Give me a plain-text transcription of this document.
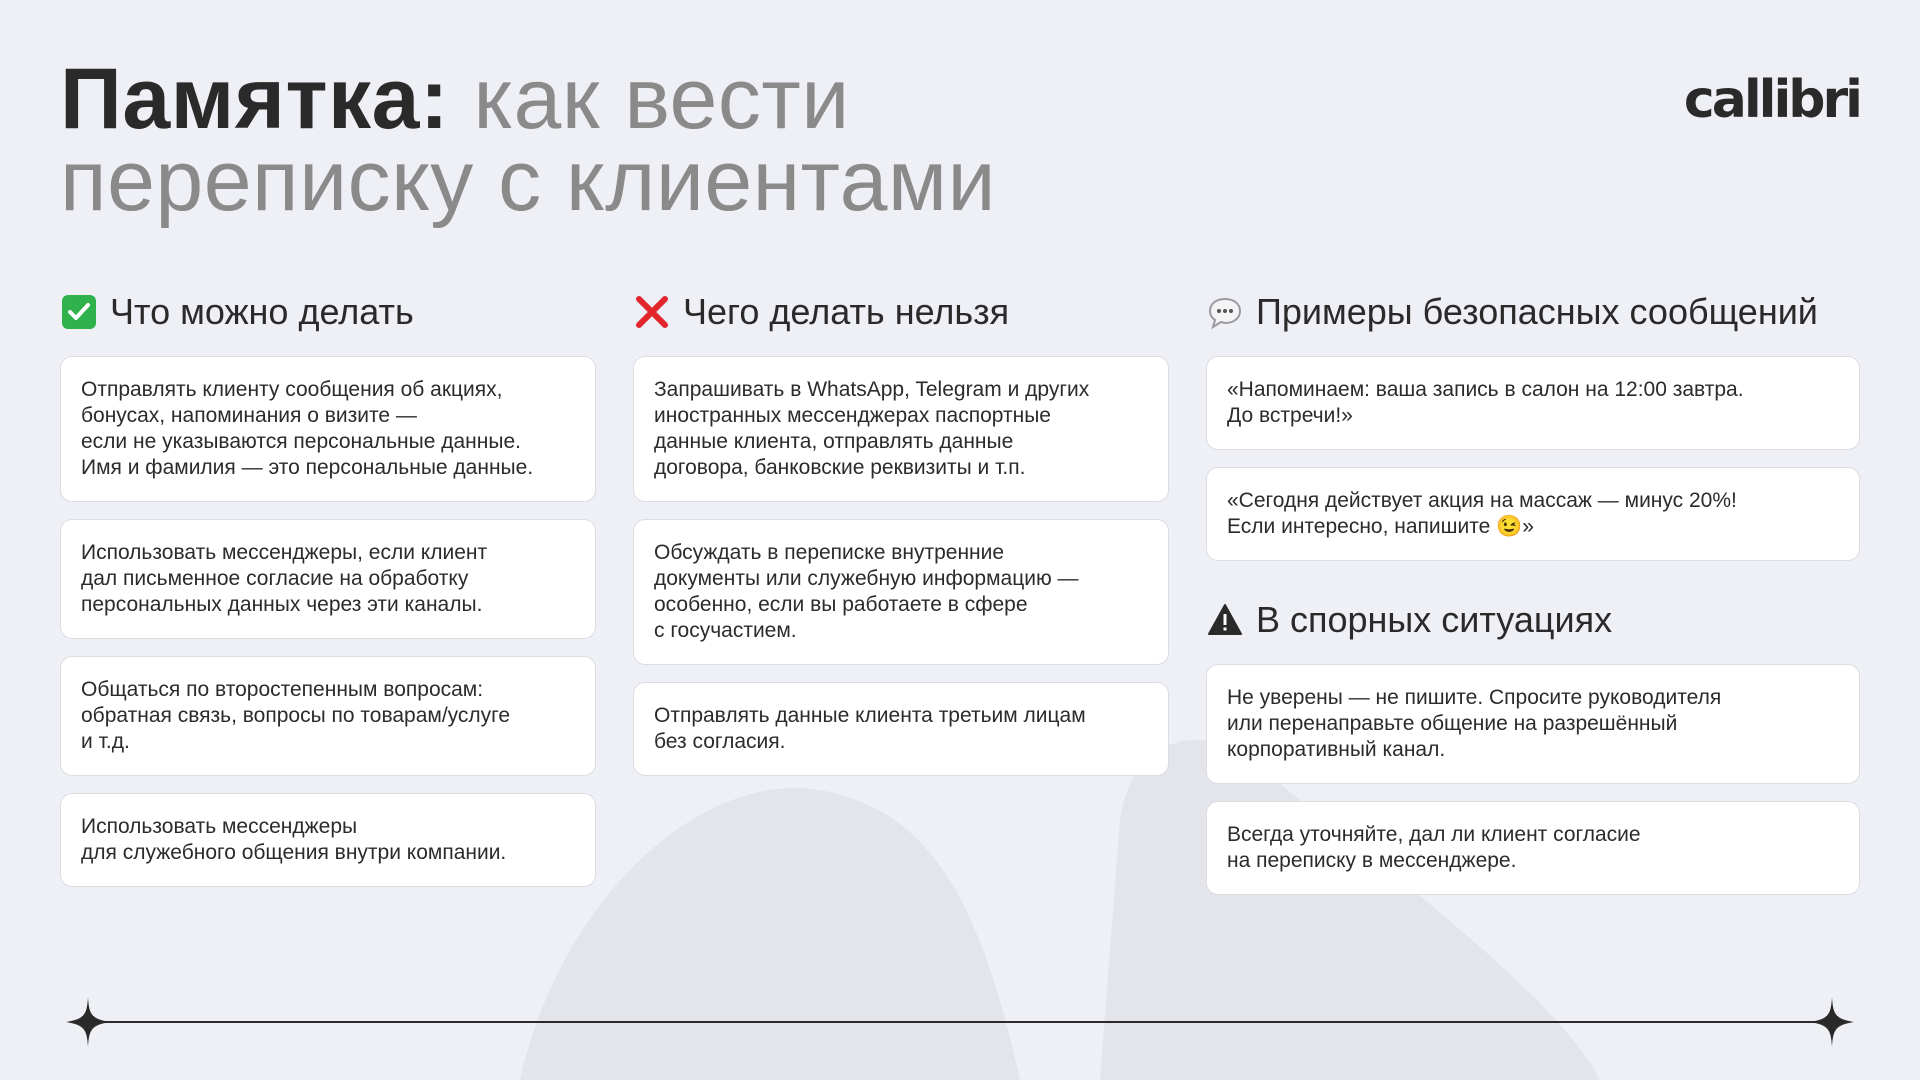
Памятка: как вести
переписку с клиентами
callibri
Что можно делать
Отправлять клиенту сообщения об акциях,
бонусах, напоминания о визите —
если не указываются персональные данные.
Имя и фамилия — это персональные данные.
Использовать мессенджеры, если клиент
дал письменное согласие на обработку
персональных данных через эти каналы.
Общаться по второстепенным вопросам:
обратная связь, вопросы по товарам/услуге
и т.д.
Использовать мессенджеры
для служебного общения внутри компании.
Чего делать нельзя
Запрашивать в WhatsApp, Telegram и других
иностранных мессенджерах паспортные
данные клиента, отправлять данные
договора, банковские реквизиты и т.п.
Обсуждать в переписке внутренние
документы или служебную информацию —
особенно, если вы работаете в сфере
с госучастием.
Отправлять данные клиента третьим лицам
без согласия.
Примеры безопасных сообщений
«Напоминаем: ваша запись в салон на 12:00 завтра.
До встречи!»
«Сегодня действует акция на массаж — минус 20%!
Если интересно, напишите 😉»
В спорных ситуациях
Не уверены — не пишите. Спросите руководителя
или перенаправьте общение на разрешённый
корпоративный канал.
Всегда уточняйте, дал ли клиент согласие
на переписку в мессенджере.
